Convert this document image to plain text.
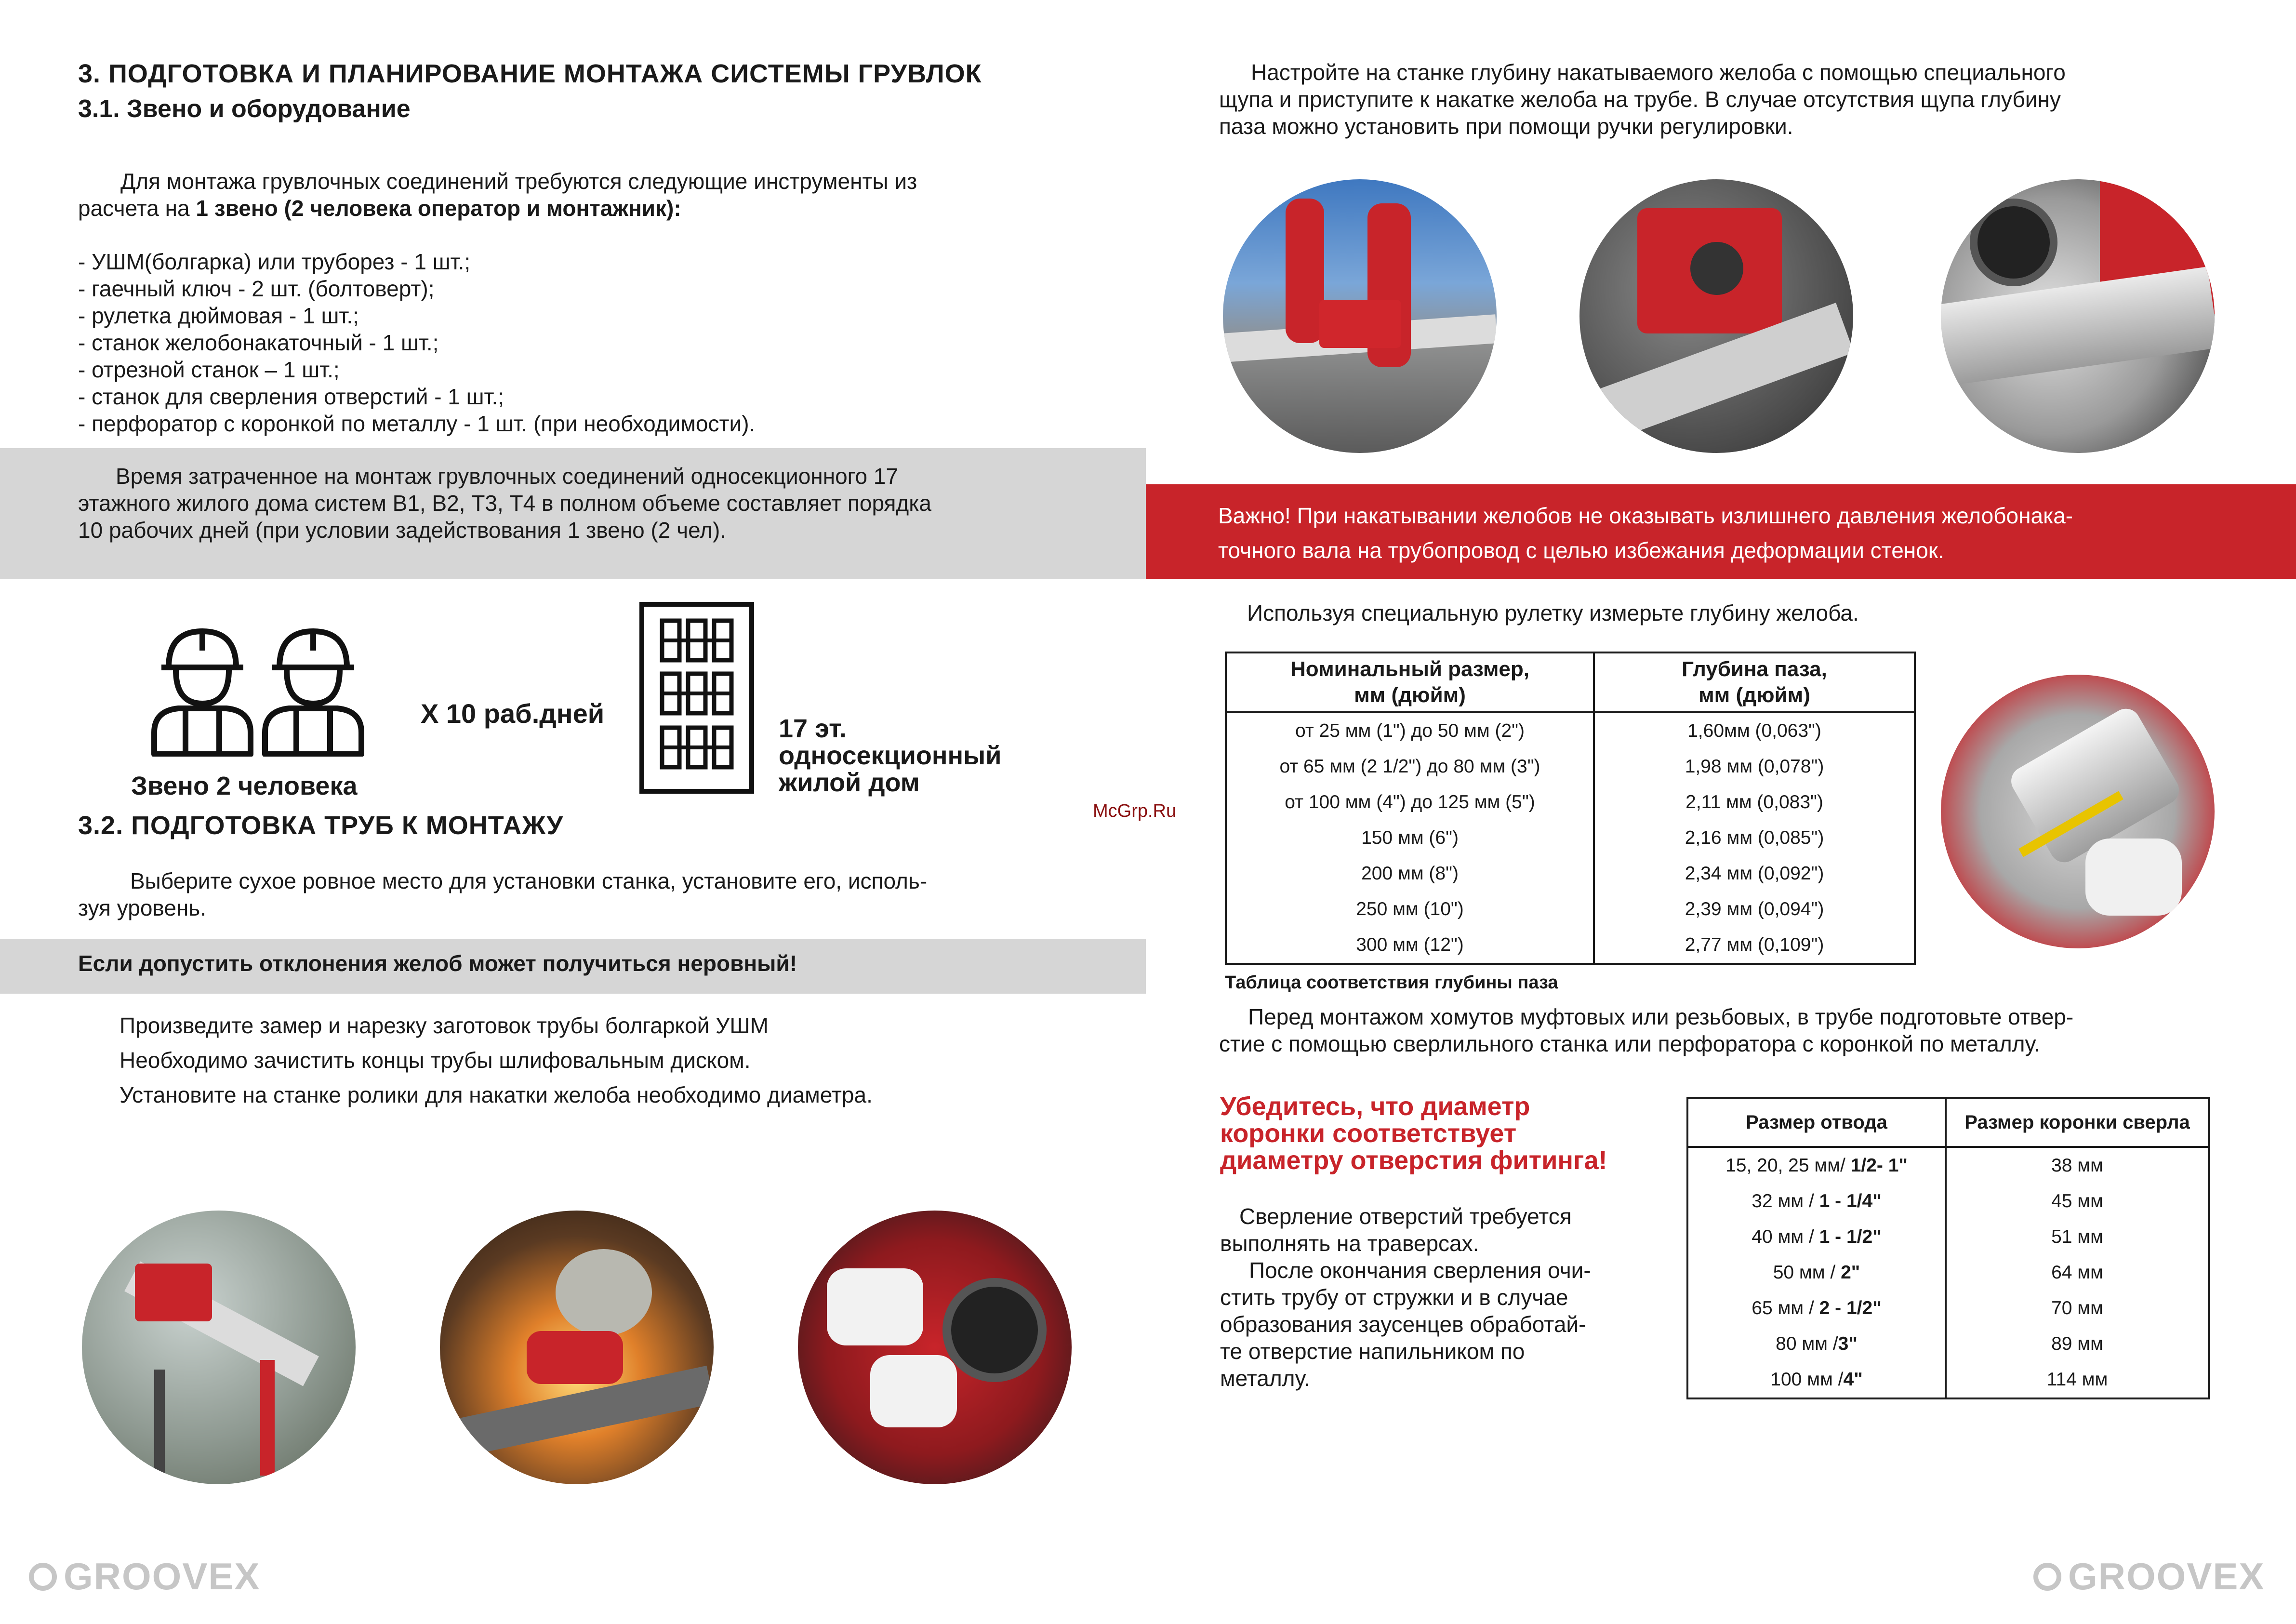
3. ПОДГОТОВКА И ПЛАНИРОВАНИЕ МОНТАЖА СИСТЕМЫ ГРУВЛОК
3.1. Звено и оборудование
Для монтажа грувлочных соединений требуются следующие инструменты из
расчета на 1 звено (2 человека оператор и монтажник):
- УШМ(болгарка) или труборез - 1 шт.;
- гаечный ключ - 2 шт. (болтоверт);
- рулетка дюймовая - 1 шт.;
- станок желобонакаточный - 1 шт.;
- отрезной станок – 1 шт.;
- станок для сверления отверстий - 1 шт.;
- перфоратор с коронкой по металлу - 1 шт. (при необходимости).
Время затраченное на монтаж грувлочных соединений односекционного 17
этажного жилого дома систем В1, В2, Т3, Т4 в полном объеме составляет порядка
10 рабочих дней (при условии задействования 1 звено (2 чел).
Звено 2 человека
Х 10 раб.дней	17 эт.
односекционный
жилой дом
3.2. ПОДГОТОВКА ТРУБ К МОНТАЖУ
Выберите сухое ровное место для установки станка, установите его, исполь-
зуя уровень.
Если допустить отклонения желоб может получиться неровный!
Произведите замер и нарезку заготовок трубы болгаркой УШМ
Необходимо зачистить концы трубы шлифовальным диском.
Установите на станке ролики для накатки желоба необходимо диаметра.
GROOVEX
McGrp.Ru
Настройте на станке глубину накатываемого желоба с помощью специального
щупа и приступите к накатке желоба на трубе. В случае отсутствия щупа глубину
паза можно установить при помощи ручки регулировки.
Важно! При накатывании желобов не оказывать излишнего давления желобонака-
точного вала на трубопровод с целью избежания деформации стенок.
Используя специальную рулетку измерьте глубину желоба.
Номинальный размер,
мм (дюйм)	Глубина паза,
мм (дюйм)
от 25 мм (1") до 50 мм (2")	1,60мм (0,063")
от 65 мм (2 1/2") до 80 мм (3")	1,98 мм (0,078")
от 100 мм (4") до 125 мм (5")	2,11 мм (0,083")
150 мм (6")	2,16 мм (0,085")
200 мм (8")	2,34 мм (0,092")
250 мм (10")	2,39 мм (0,094")
300 мм (12")	2,77 мм (0,109")
Таблица соответствия глубины паза
Перед монтажом хомутов муфтовых или резьбовых, в трубе подготовьте отвер-
стие с помощью сверлильного станка или перфоратора с коронкой по металлу.
Убедитесь, что диаметр
коронки соответствует
диаметру отверстия фитинга!
Сверление отверстий требуется
выполнять на траверсах.
После окончания сверления очи-
стить трубу от стружки и в случае
образования заусенцев обработай-
те отверстие напильником по
металлу.
Размер отвода	Размер коронки сверла
15, 20, 25 мм/ 1/2- 1"	38 мм
32 мм / 1 - 1/4"	45 мм
40 мм / 1 - 1/2"	51 мм
50 мм / 2"	64 мм
65 мм / 2 - 1/2"	70 мм
80 мм /3"	89 мм
100 мм /4"	114 мм
GROOVEX
